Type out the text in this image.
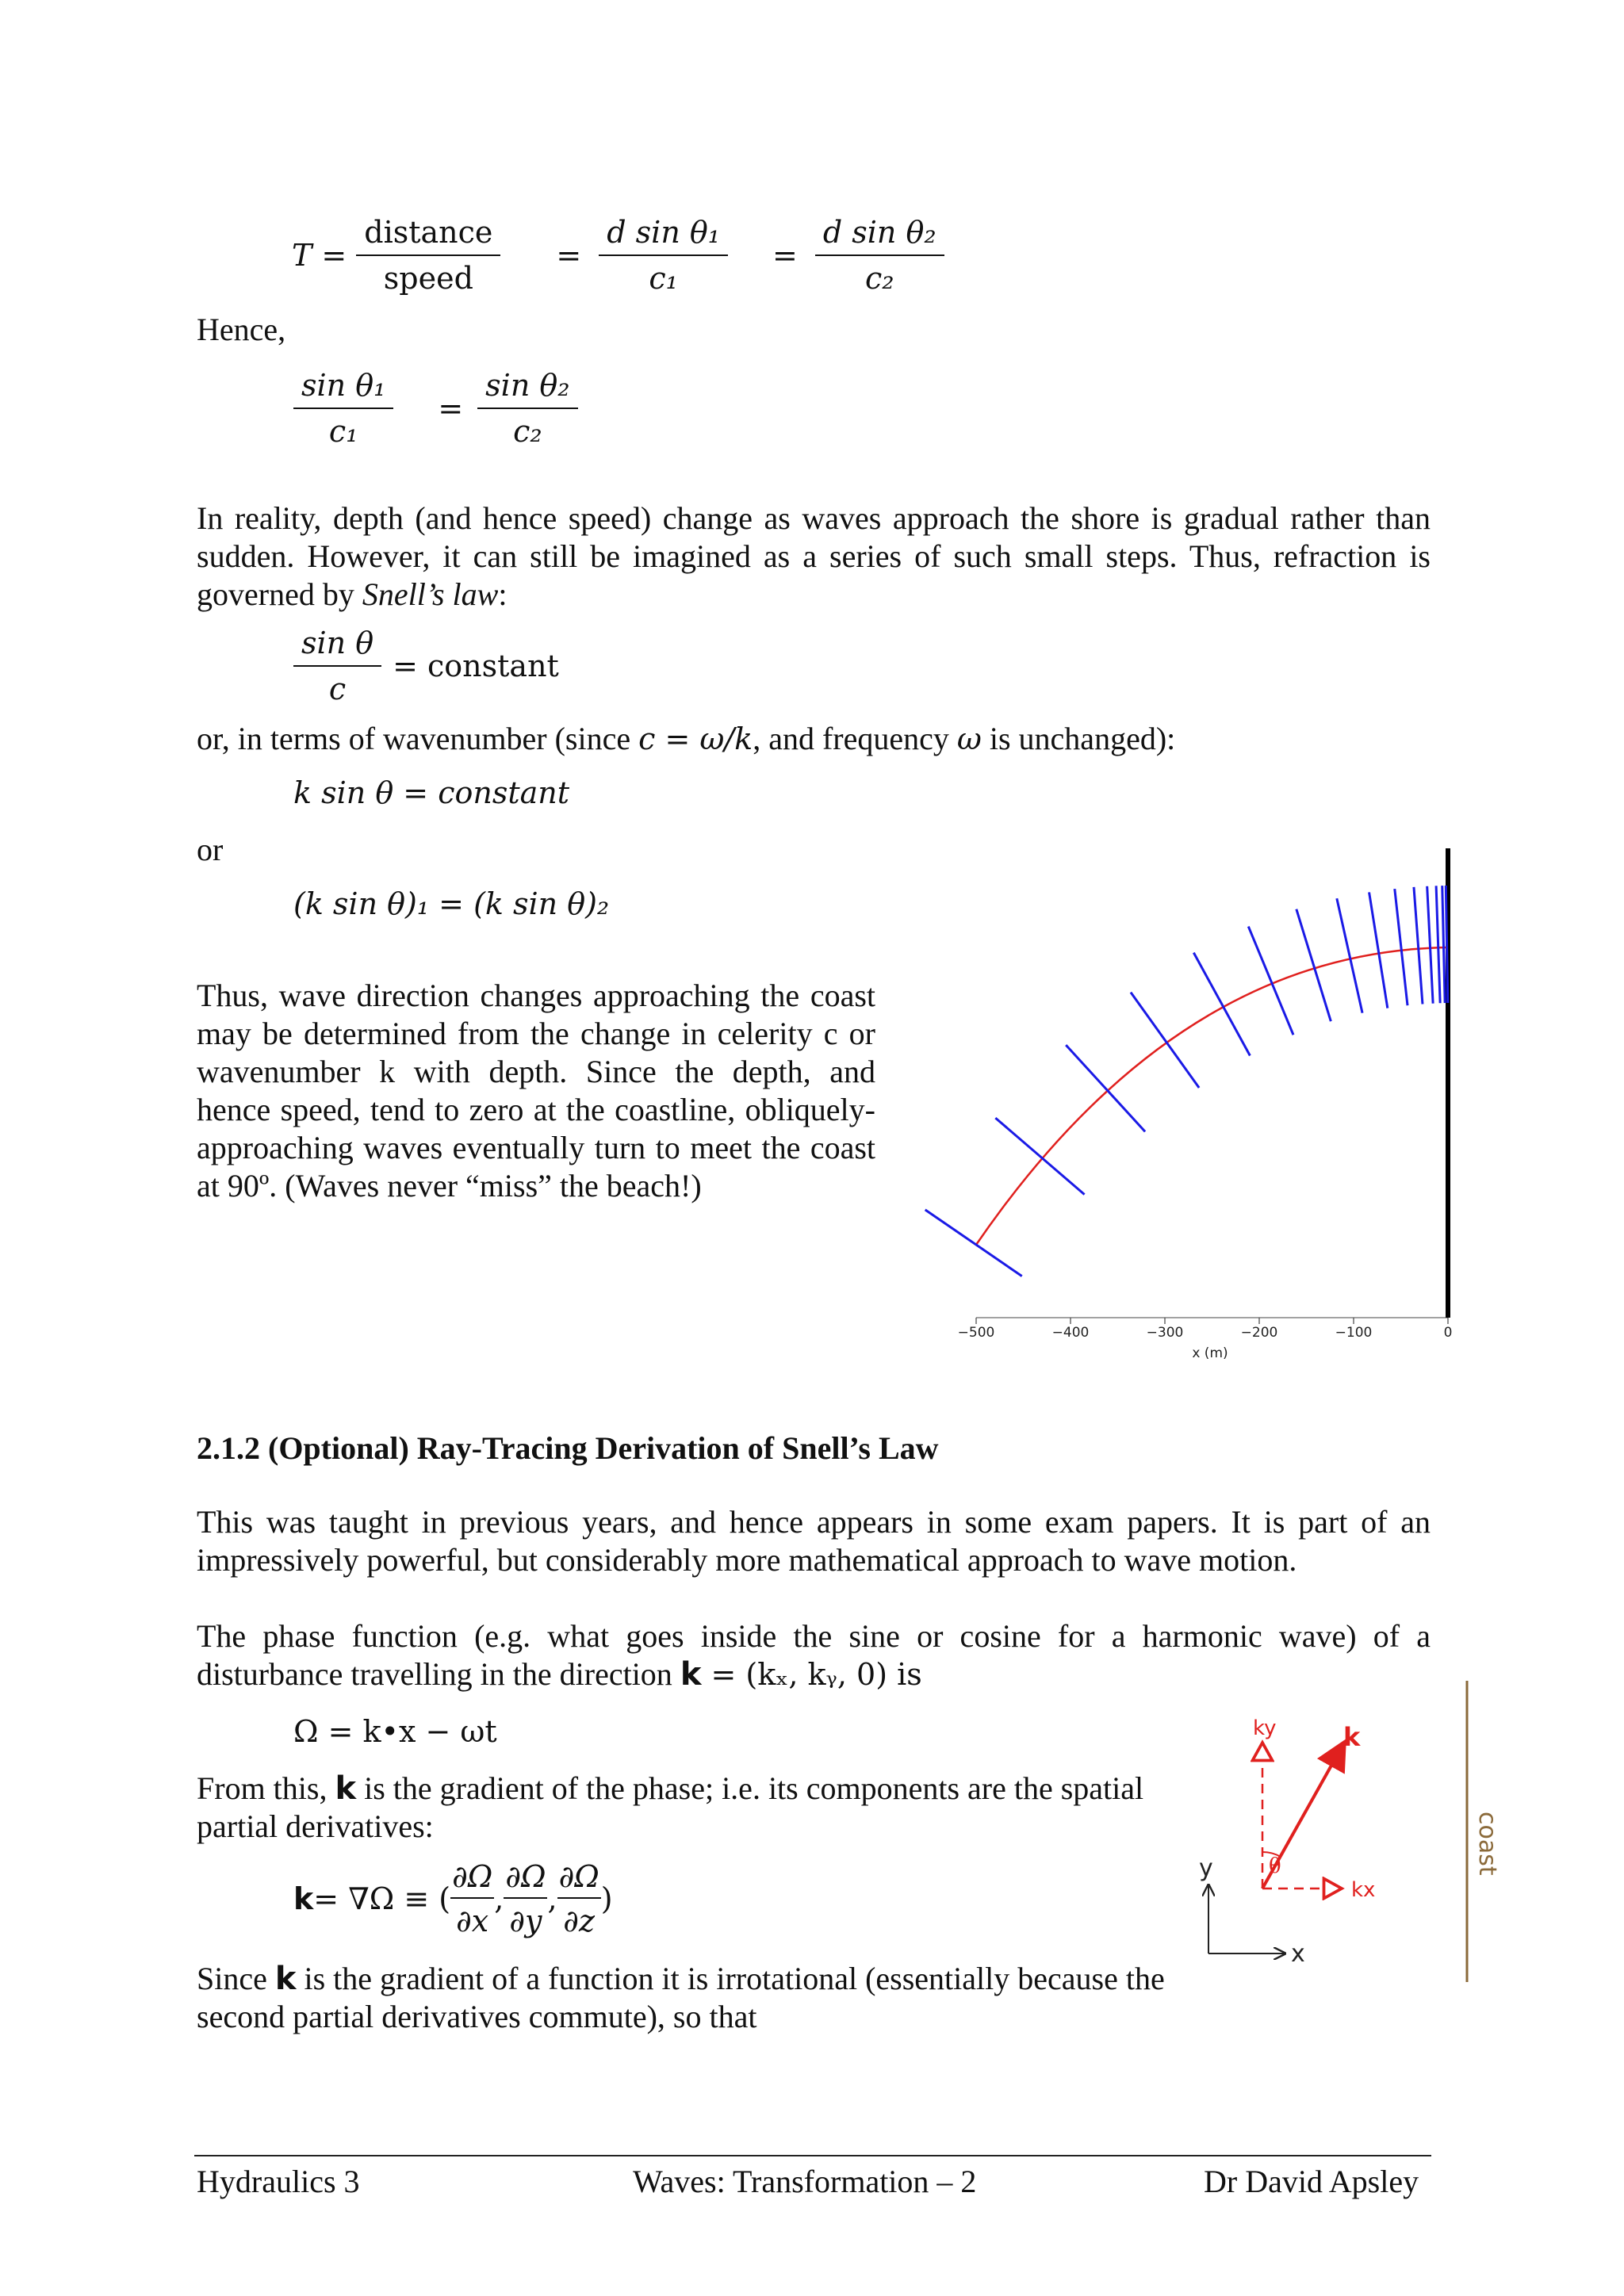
$T = \frac{\text{distance}}{\text{speed}} = \frac{\text{d sin θ₁}}{\text{c₁}} = \frac{\text{d sin θ₂}}{\text{c₂}}$
Hence,
$\frac{\text{sin θ₁}}{\text{c₁}} = \frac{\text{sin θ₂}}{\text{c₂}}$
In reality, depth (and hence speed) change as waves approach the shore is gradual rather than sudden. However, it can still be imagined as a series of such small steps. Thus, refraction is governed by Snell’s law:
$\frac{\text{sin θ}}{c}$ = constant
or, in terms of wavenumber (since c = ω/k, and frequency ω is unchanged):
k sin θ = constant
or
(k sin θ)₁ = (k sin θ)₂
Thus, wave direction changes approaching the coast may be determined from the change in celerity c or wavenumber k with depth. Since the depth, and hence speed, tend to zero at the coastline, obliquely-approaching waves eventually turn to meet the coast at 90º. (Waves never “miss” the beach!)
−500	−400	−300	−200	−100	0
x (m)
2.1.2 (Optional) Ray-Tracing Derivation of Snell’s Law
This was taught in previous years, and hence appears in some exam papers. It is part of an impressively powerful, but considerably more mathematical approach to wave motion.
The phase function (e.g. what goes inside the sine or cosine for a harmonic wave) of a disturbance travelling in the direction k = (kₓ, kᵧ, 0) is
Ω = k•x − ωt
From this, k is the gradient of the phase; i.e. its components are the spatial partial derivatives:
k = ∇Ω ≡ ( $\frac{\partial\Omega}{\partial x}$ , $\frac{\partial\Omega}{\partial y}$ , $\frac{\partial\Omega}{\partial z}$ )
Since k is the gradient of a function it is irrotational (essentially because the second partial derivatives commute), so that
x
y	θ
k
ky
kx
coast
Hydraulics 3	Waves: Transformation – 2	Dr David Apsley
